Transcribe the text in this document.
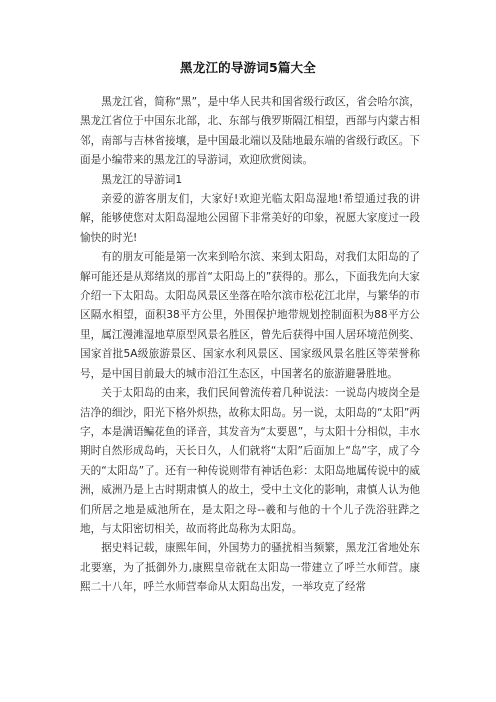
黑龙江的导游词5篇大全

黑龙江省，简称“黑”，是中华人民共和国省级行政区，省会哈尔滨，黑龙江省位于中国东北部，北、东部与俄罗斯隔江相望，西部与内蒙古相邻，南部与吉林省接壤，是中国最北端以及陆地最东端的省级行政区。下面是小编带来的黑龙江的导游词，欢迎欣赏阅读。

黑龙江的导游词1

亲爱的游客朋友们，大家好!欢迎光临太阳岛湿地!希望通过我的讲解，能够使您对太阳岛湿地公园留下非常美好的印象，祝愿大家度过一段愉快的时光!

有的朋友可能是第一次来到哈尔滨、来到太阳岛，对我们太阳岛的了解可能还是从郑绪岚的那首“太阳岛上的”获得的。那么，下面我先向大家介绍一下太阳岛。太阳岛风景区坐落在哈尔滨市松花江北岸，与繁华的市区隔水相望，面积38平方公里，外围保护地带规划控制面积为88平方公里，属江漫滩湿地草原型风景名胜区，曾先后获得中国人居环境范例奖、国家首批5A级旅游景区、国家水利风景区、国家级风景名胜区等荣誉称号，是中国目前最大的城市沿江生态区，中国著名的旅游避暑胜地。

关于太阳岛的由来，我们民间曾流传着几种说法：一说岛内坡岗全是洁净的细沙，阳光下格外炽热，故称太阳岛。另一说，太阳岛的“太阳”两字，本是满语鳊花鱼的译音，其发音为“太要恩”，与太阳十分相似，丰水期时自然形成岛屿，天长日久，人们就将“太阳”后面加上“岛”字，成了今天的“太阳岛”了。还有一种传说则带有神话色彩：太阳岛地属传说中的威洲，威洲乃是上古时期肃慎人的故土，受中土文化的影响，肃慎人认为他们所居之地是威池所在，是太阳之母--羲和与他的十个儿子洗浴驻跸之地，与太阳密切相关，故而将此岛称为太阳岛。

据史料记载，康熙年间，外国势力的骚扰相当频繁，黑龙江省地处东北要塞，为了抵御外力,康熙皇帝就在太阳岛一带建立了呼兰水师营。康熙二十八年，呼兰水师营奉命从太阳岛出发，一举攻克了经常
